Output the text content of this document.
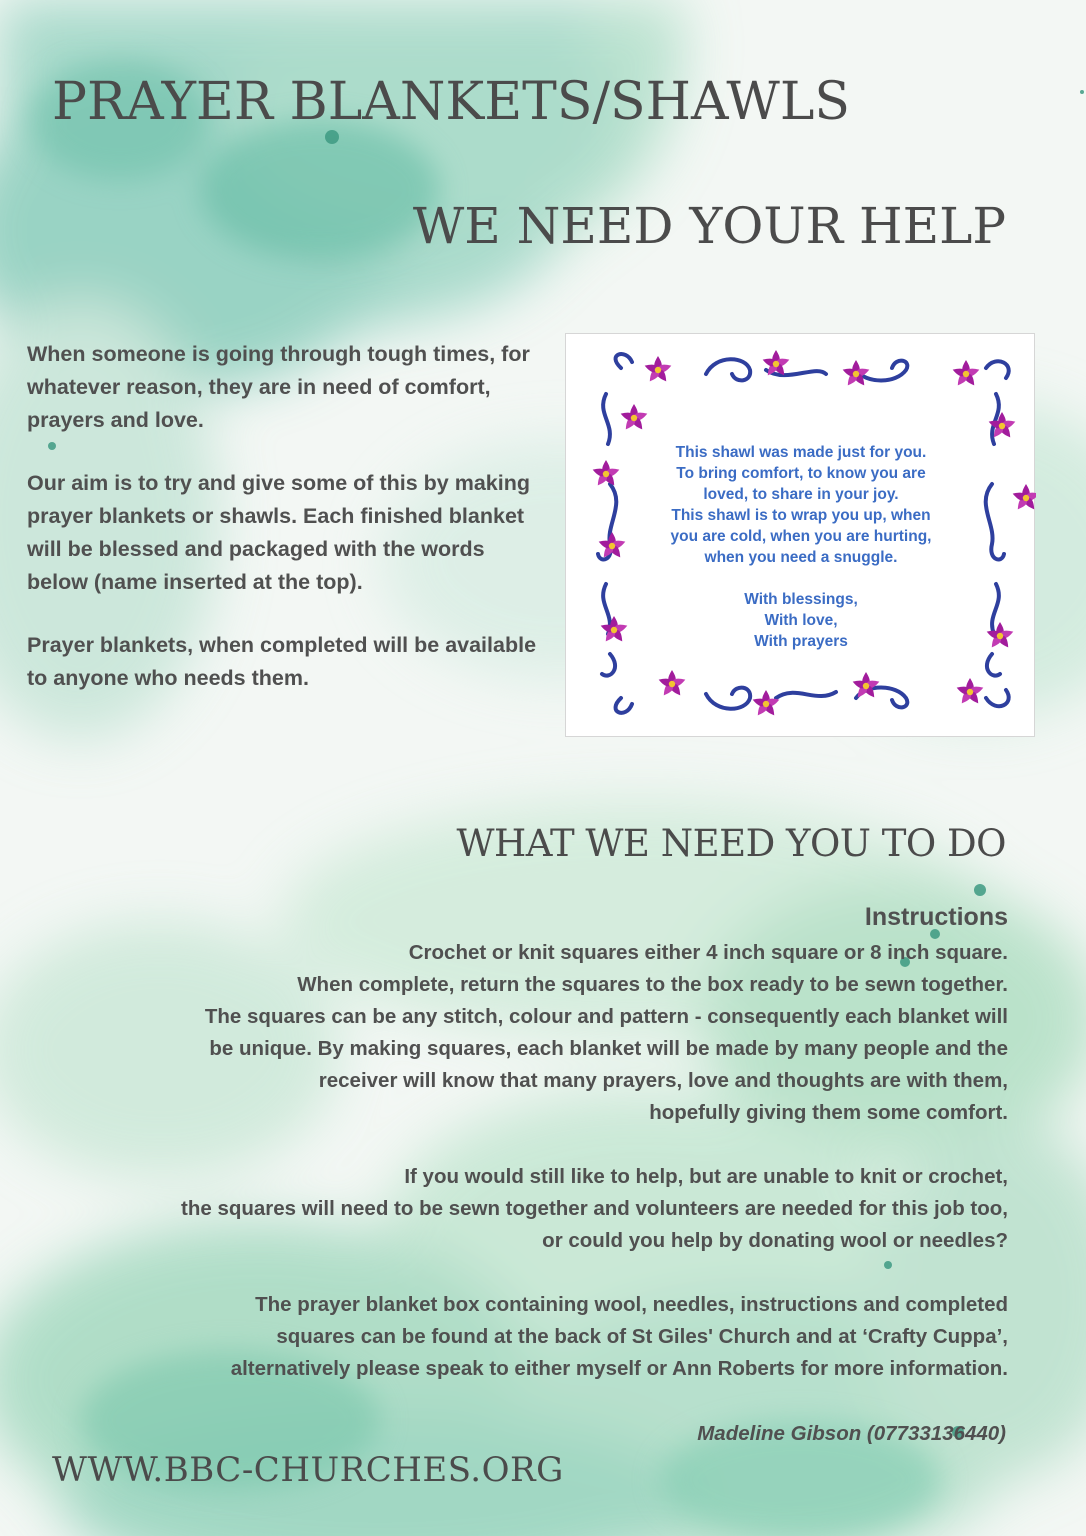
PRAYER BLANKETS/SHAWLS
WE NEED YOUR HELP

When someone is going through tough times, for whatever reason, they are in need of comfort, prayers and love.

Our aim is to try and give some of this by making prayer blankets or shawls. Each finished blanket will be blessed and packaged with the words below (name inserted at the top).

Prayer blankets, when completed will be available to anyone who needs them.

This shawl was made just for you.
To bring comfort, to know you are
loved, to share in your joy.
This shawl is to wrap you up, when
you are cold, when you are hurting,
when you need a snuggle.
With blessings,
With love,
With prayers
WHAT WE NEED YOU TO DO
Instructions
Crochet or knit squares either 4 inch square or 8 inch square.
When complete, return the squares to the box ready to be sewn together.
The squares can be any stitch, colour and pattern - consequently each blanket will
be unique. By making squares, each blanket will be made by many people and the
receiver will know that many prayers, love and thoughts are with them,
hopefully giving them some comfort.
If you would still like to help, but are unable to knit or crochet,
the squares will need to be sewn together and volunteers are needed for this job too,
or could you help by donating wool or needles?
The prayer blanket box containing wool, needles, instructions and completed
squares can be found at the back of St Giles' Church and at ‘Crafty Cuppa’,
alternatively please speak to either myself or Ann Roberts for more information.
Madeline Gibson (07733136440)
WWW.BBC-CHURCHES.ORG
